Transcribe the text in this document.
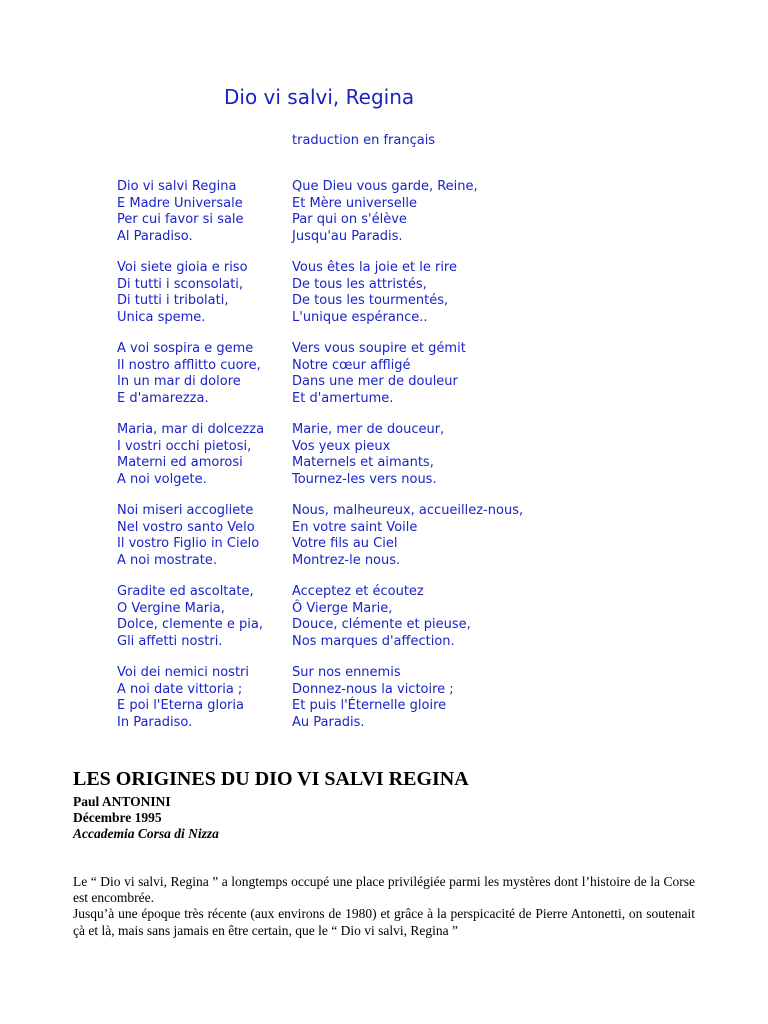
Dio vi salvi, Regina
traduction en français
Dio vi salvi Regina
E Madre Universale
Per cui favor si sale
Al Paradiso.
Que Dieu vous garde, Reine,
Et Mère universelle
Par qui on s'élève
Jusqu'au Paradis.
Voi siete gioia e riso
Di tutti i sconsolati,
Di tutti i tribolati,
Unica speme.
Vous êtes la joie et le rire
De tous les attristés,
De tous les tourmentés,
L'unique espérance..
A voi sospira e geme
Il nostro afflitto cuore,
In un mar di dolore
E d'amarezza.
Vers vous soupire et gémit
Notre cœur affligé
Dans une mer de douleur
Et d'amertume.
Maria, mar di dolcezza
I vostri occhi pietosi,
Materni ed amorosi
A noi volgete.
Marie, mer de douceur,
Vos yeux pieux
Maternels et aimants,
Tournez-les vers nous.
Noi miseri accogliete
Nel vostro santo Velo
Il vostro Figlio in Cielo
A noi mostrate.
Nous, malheureux, accueillez-nous,
En votre saint Voile
Votre fils au Ciel
Montrez-le nous.
Gradite ed ascoltate,
O Vergine Maria,
Dolce, clemente e pia,
Gli affetti nostri.
Acceptez et écoutez
Ô Vierge Marie,
Douce, clémente et pieuse,
Nos marques d'affection.
Voi dei nemici nostri
A noi date vittoria ;
E poi l'Eterna gloria
In Paradiso.
Sur nos ennemis
Donnez-nous la victoire ;
Et puis l'Éternelle gloire
Au Paradis.
LES ORIGINES DU DIO VI SALVI REGINA
Paul ANTONINI
Décembre 1995
Accademia Corsa di Nizza

Le “ Dio vi salvi, Regina ” a longtemps occupé une place privilégiée parmi les mystères dont l’histoire de la Corse est encombrée.

Jusqu’à une époque très récente (aux environs de 1980) et grâce à la perspicacité de Pierre Antonetti, on soutenait çà et là, mais sans jamais en être certain, que le “ Dio vi salvi, Regina ”
